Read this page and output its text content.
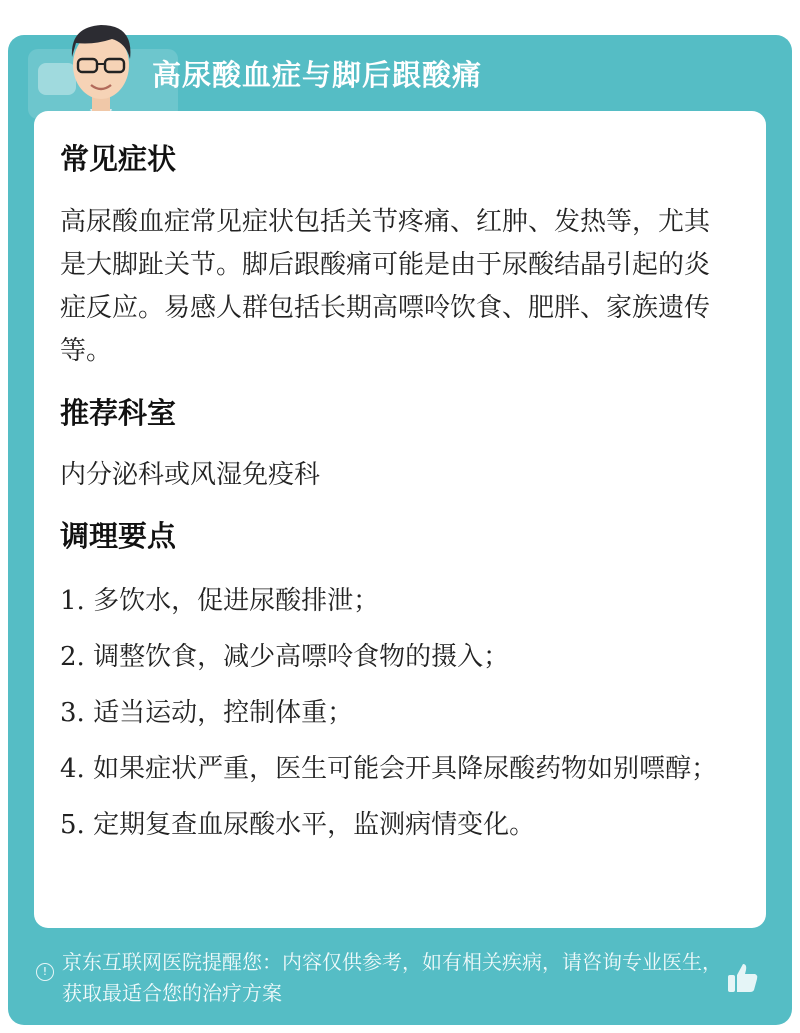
高尿酸血症与脚后跟酸痛
常见症状

高尿酸血症常见症状包括关节疼痛、红肿、发热等，尤其是大脚趾关节。脚后跟酸痛可能是由于尿酸结晶引起的炎症反应。易感人群包括长期高嘌呤饮食、肥胖、家族遗传等。

推荐科室

内分泌科或风湿免疫科

调理要点
1. 多饮水，促进尿酸排泄；
2. 调整饮食，减少高嘌呤食物的摄入；
3. 适当运动，控制体重；
4. 如果症状严重，医生可能会开具降尿酸药物如别嘌醇；
5. 定期复查血尿酸水平，监测病情变化。
! 京东互联网医院提醒您：内容仅供参考，如有相关疾病，请咨询专业医生，获取最适合您的治疗方案
